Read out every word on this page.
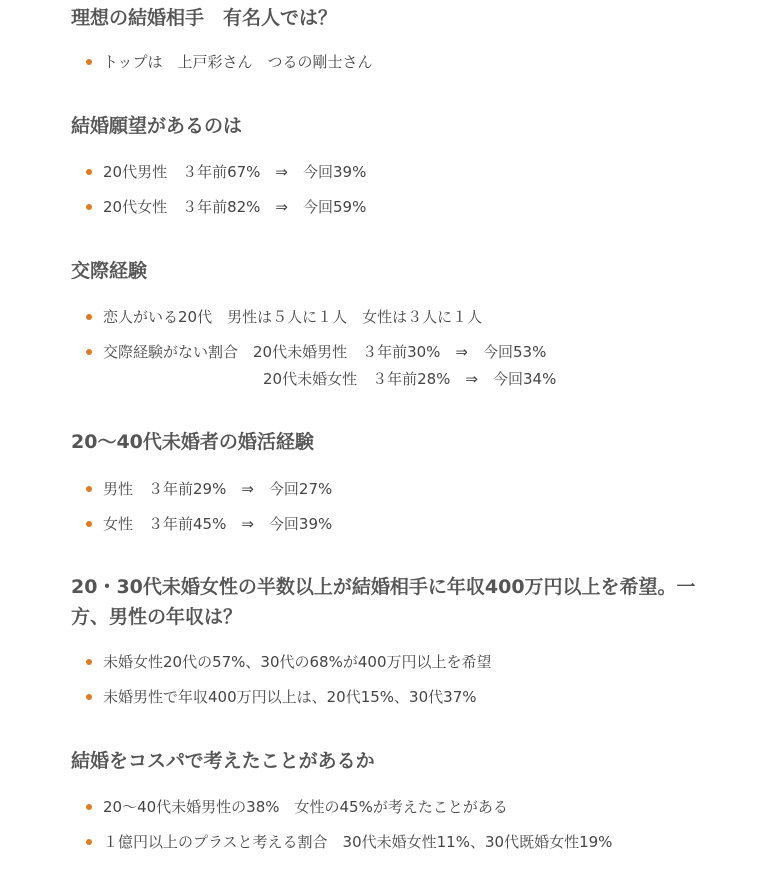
理想の結婚相手　有名人では？
トップは　上戸彩さん　つるの剛士さん
結婚願望があるのは
20代男性　３年前67%　⇒　今回39%
20代女性　３年前82%　⇒　今回59%
交際経験
恋人がいる20代　男性は５人に１人　女性は３人に１人
交際経験がない割合　20代未婚男性　３年前30%　⇒　今回53%
20代未婚女性　３年前28%　⇒　今回34%
20～40代未婚者の婚活経験
男性　３年前29%　⇒　今回27%
女性　３年前45%　⇒　今回39%
20・30代未婚女性の半数以上が結婚相手に年収400万円以上を希望。一方、男性の年収は？
未婚女性20代の57%、30代の68%が400万円以上を希望
未婚男性で年収400万円以上は、20代15%、30代37%
結婚をコスパで考えたことがあるか
20～40代未婚男性の38%　女性の45%が考えたことがある
１億円以上のプラスと考える割合　30代未婚女性11%、30代既婚女性19%
